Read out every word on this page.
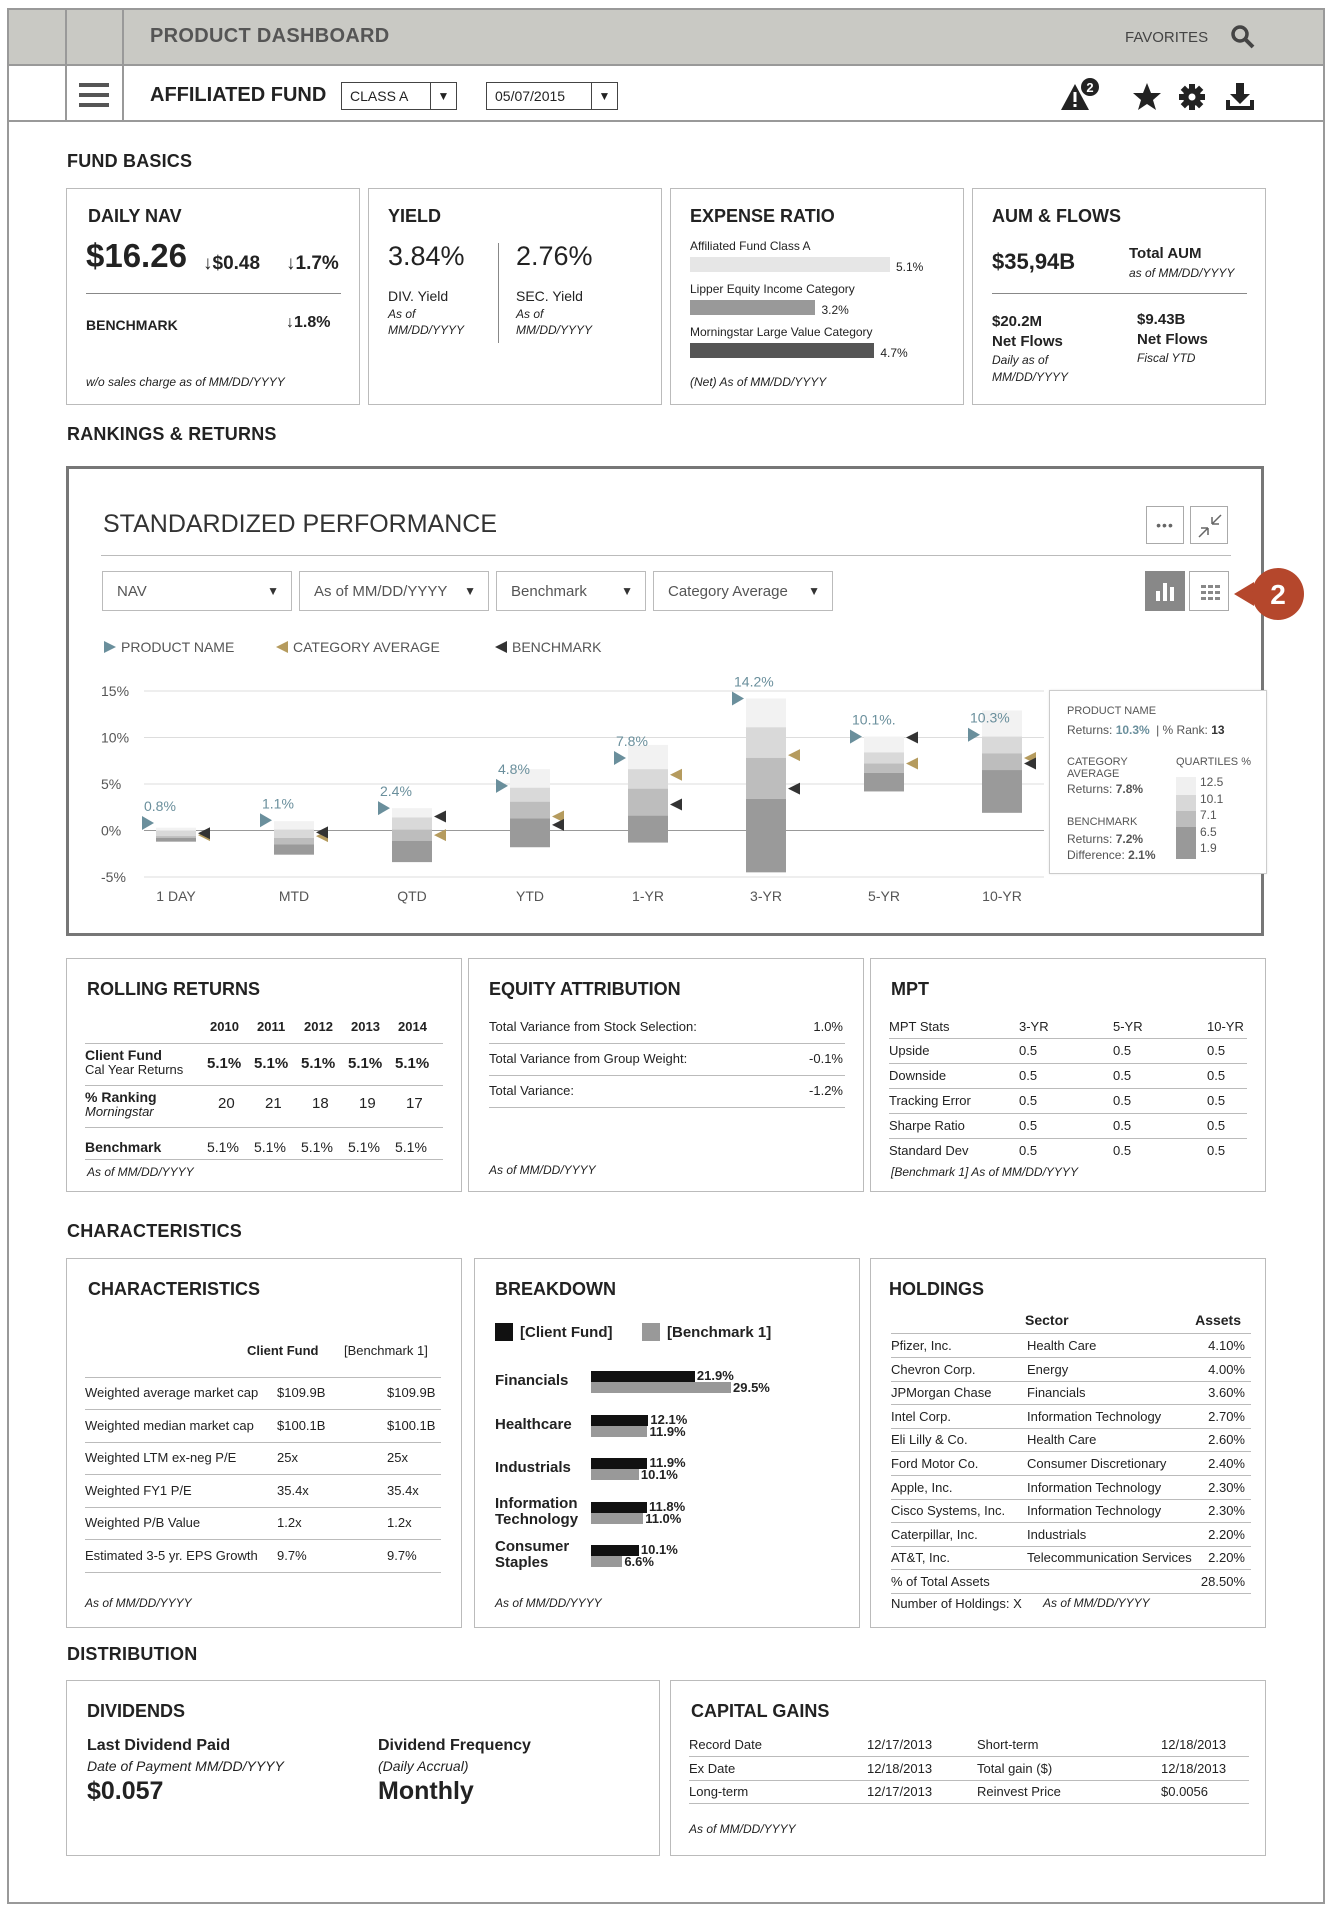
PRODUCT DASHBOARD	FAVORITES
AFFILIATED FUND	CLASS A	▼	05/07/2015	▼
2
FUND BASICS
DAILY NAV
$16.26 ↓$0.48 ↓1.7%
BENCHMARK	↓1.8%
w/o sales charge as of MM/DD/YYYY
YIELD
3.84% 2.76%
DIV. Yield
As of
MM/DD/YYYY
SEC. Yield
As of
MM/DD/YYYY
EXPENSE RATIO
(Net) As of MM/DD/YYYY
Affiliated Fund Class A
5.1%
Lipper Equity Income Category
3.2%
Morningstar Large Value Category
4.7%
AUM & FLOWS
$35,94B	Total AUM
as of MM/DD/YYYY
$20.2M
Net Flows
Daily as of
MM/DD/YYYY
$9.43B
Net Flows
Fiscal YTD
RANKINGS & RETURNS
STANDARDIZED PERFORMANCE	•••
NAV	▼ As of MM/DD/YYYY ▼ Benchmark	▼ Category Average ▼
PRODUCT NAME	CATEGORY AVERAGE	BENCHMARK
15%
10%
5%
0%
-5%
0.8%
1 DAY
1.1%
MTD
2.4%
QTD
4.8%
YTD
7.8%
1-YR
14.2%
3-YR
10.1%.
5-YR
10.3%
10-YR
PRODUCT NAME
Returns: 10.3% | % Rank: 13
CATEGORY
AVERAGE
Returns: 7.8%
QUARTILES %
12.5
10.1
7.1
6.5
1.9
BENCHMARK
Returns: 7.2%
Difference: 2.1%
2
ROLLING RETURNS
As of MM/DD/YYYY
2010 2011 2012 2013 2014
Client Fund
Cal Year Returns 5.1% 5.1% 5.1% 5.1% 5.1%
% Ranking
Morningstar	20 21 18 19 17
Benchmark	5.1% 5.1% 5.1% 5.1% 5.1%
EQUITY ATTRIBUTION
As of MM/DD/YYYY
Total Variance from Stock Selection:	1.0%
Total Variance from Group Weight:	-0.1%
Total Variance:	-1.2%
MPT
[Benchmark 1] As of MM/DD/YYYY
MPT Stats	3-YR	5-YR	10-YR
Upside	0.5	0.5	0.5
Downside	0.5	0.5	0.5
Tracking Error	0.5	0.5	0.5
Sharpe Ratio	0.5	0.5	0.5
Standard Dev	0.5	0.5	0.5
CHARACTERISTICS
CHARACTERISTICS
Client Fund [Benchmark 1]
As of MM/DD/YYYY
Weighted average market cap $109.9B	$109.9B
Weighted median market cap $100.1B	$100.1B
Weighted LTM ex-neg P/E	25x	25x
Weighted FY1 P/E	35.4x	35.4x
Weighted P/B Value	1.2x	1.2x
Estimated 3-5 yr. EPS Growth 9.7%	9.7%
BREAKDOWN
[Client Fund]	[Benchmark 1]
As of MM/DD/YYYY
Financials	21.9%
29.5%
Healthcare	12.1%
11.9%
Industrials	11.9%
10.1%
Information
Technology
11.8%
11.0%
Consumer
Staples
10.1%
6.6%
HOLDINGS
Sector	Assets
Number of Holdings: X As of MM/DD/YYYY
Pfizer, Inc.	Health Care	4.10%
Chevron Corp.	Energy	4.00%
JPMorgan Chase	Financials	3.60%
Intel Corp.	Information Technology	2.70%
Eli Lilly & Co.	Health Care	2.60%
Ford Motor Co.	Consumer Discretionary	2.40%
Apple, Inc.	Information Technology	2.30%
Cisco Systems, Inc. Information Technology	2.30%
Caterpillar, Inc.	Industrials	2.20%
AT&T, Inc.	Telecommunication Services 2.20%
% of Total Assets	28.50%
DISTRIBUTION
DIVIDENDS
Last Dividend Paid
Date of Payment MM/DD/YYYY
$0.057
Dividend Frequency
(Daily Accrual)
Monthly
CAPITAL GAINS
As of MM/DD/YYYY
Record Date	12/17/2013	Short-term	12/18/2013
Ex Date	12/18/2013	Total gain ($)	12/18/2013
Long-term	12/17/2013	Reinvest Price	$0.0056
